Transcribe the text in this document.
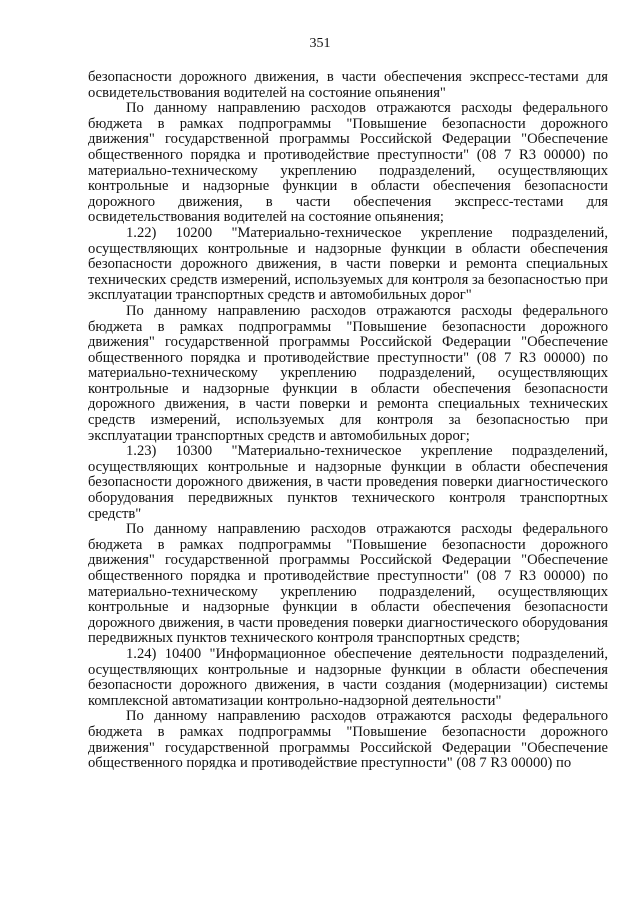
351

безопасности дорожного движения, в части обеспечения экспресс-тестами для освидетельствования водителей на состояние опьянения"

По данному направлению расходов отражаются расходы федерального бюджета в рамках подпрограммы "Повышение безопасности дорожного движения" государственной программы Российской Федерации "Обеспечение общественного порядка и противодействие преступности" (08 7 R3 00000) по материально-техническому укреплению подразделений, осуществляющих контрольные и надзорные функции в области обеспечения безопасности дорожного движения, в части обеспечения экспресс-тестами для освидетельствования водителей на состояние опьянения;

1.22) 10200 "Материально-техническое укрепление подразделений, осуществляющих контрольные и надзорные функции в области обеспечения безопасности дорожного движения, в части поверки и ремонта специальных технических средств измерений, используемых для контроля за безопасностью при эксплуатации транспортных средств и автомобильных дорог"

По данному направлению расходов отражаются расходы федерального бюджета в рамках подпрограммы "Повышение безопасности дорожного движения" государственной программы Российской Федерации "Обеспечение общественного порядка и противодействие преступности" (08 7 R3 00000) по материально-техническому укреплению подразделений, осуществляющих контрольные и надзорные функции в области обеспечения безопасности дорожного движения, в части поверки и ремонта специальных технических средств измерений, используемых для контроля за безопасностью при эксплуатации транспортных средств и автомобильных дорог;

1.23) 10300 "Материально-техническое укрепление подразделений, осуществляющих контрольные и надзорные функции в области обеспечения безопасности дорожного движения, в части проведения поверки диагностического оборудования передвижных пунктов технического контроля транспортных средств"

По данному направлению расходов отражаются расходы федерального бюджета в рамках подпрограммы "Повышение безопасности дорожного движения" государственной программы Российской Федерации "Обеспечение общественного порядка и противодействие преступности" (08 7 R3 00000) по материально-техническому укреплению подразделений, осуществляющих контрольные и надзорные функции в области обеспечения безопасности дорожного движения, в части проведения поверки диагностического оборудования передвижных пунктов технического контроля транспортных средств;

1.24) 10400 "Информационное обеспечение деятельности подразделений, осуществляющих контрольные и надзорные функции в области обеспечения безопасности дорожного движения, в части создания (модернизации) системы комплексной автоматизации контрольно-надзорной деятельности"

По данному направлению расходов отражаются расходы федерального бюджета в рамках подпрограммы "Повышение безопасности дорожного движения" государственной программы Российской Федерации "Обеспечение общественного порядка и противодействие преступности" (08 7 R3 00000) по
